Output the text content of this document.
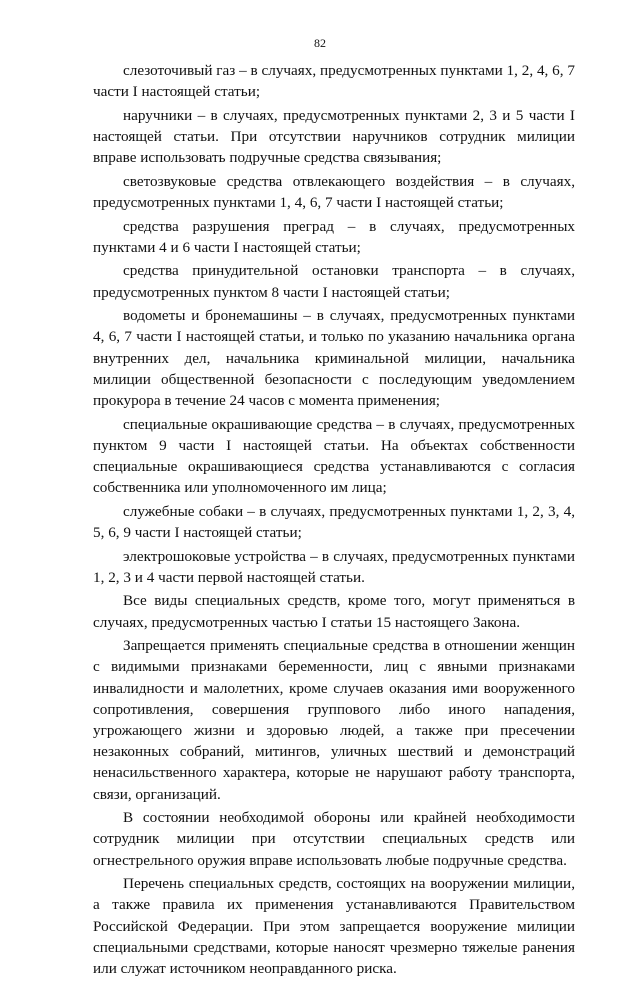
82

слезоточивый газ – в случаях, предусмотренных пунктами 1, 2, 4, 6, 7 части I настоящей статьи;

наручники – в случаях, предусмотренных пунктами 2, 3 и 5 части I настоящей статьи. При отсутствии наручников сотрудник милиции вправе использовать подручные средства связывания;

светозвуковые средства отвлекающего воздействия – в случаях, предусмотренных пунктами 1, 4, 6, 7 части I настоящей статьи;

средства разрушения преград – в случаях, предусмотренных пунктами 4 и 6 части I настоящей статьи;

средства принудительной остановки транспорта – в случаях, предусмотренных пунктом 8 части I настоящей статьи;

водометы и бронемашины – в случаях, предусмотренных пунктами 4, 6, 7 части I настоящей статьи, и только по указанию начальника органа внутренних дел, начальника криминальной милиции, начальника милиции общественной безопасности с последующим уведомлением прокурора в течение 24 часов с момента применения;

специальные окрашивающие средства – в случаях, предусмотренных пунктом 9 части I настоящей статьи. На объектах собственности специальные окрашивающиеся средства устанавливаются с согласия собственника или уполномоченного им лица;

служебные собаки – в случаях, предусмотренных пунктами 1, 2, 3, 4, 5, 6, 9 части I настоящей статьи;

электрошоковые устройства – в случаях, предусмотренных пунктами 1, 2, 3 и 4 части первой настоящей статьи.

Все виды специальных средств, кроме того, могут применяться в случаях, предусмотренных частью I статьи 15 настоящего Закона.

Запрещается применять специальные средства в отношении женщин с видимыми признаками беременности, лиц с явными признаками инвалидности и малолетних, кроме случаев оказания ими вооруженного сопротивления, совершения группового либо иного нападения, угрожающего жизни и здоровью людей, а также при пресечении незаконных собраний, митингов, уличных шествий и демонстраций ненасильственного характера, которые не нарушают работу транспорта, связи, организаций.

В состоянии необходимой обороны или крайней необходимости сотрудник милиции при отсутствии специальных средств или огнестрельного оружия вправе использовать любые подручные средства.

Перечень специальных средств, состоящих на вооружении милиции, а также правила их применения устанавливаются Правительством Российской Федерации. При этом запрещается вооружение милиции специальными средствами, которые наносят чрезмерно тяжелые ранения или служат источником неоправданного риска.
